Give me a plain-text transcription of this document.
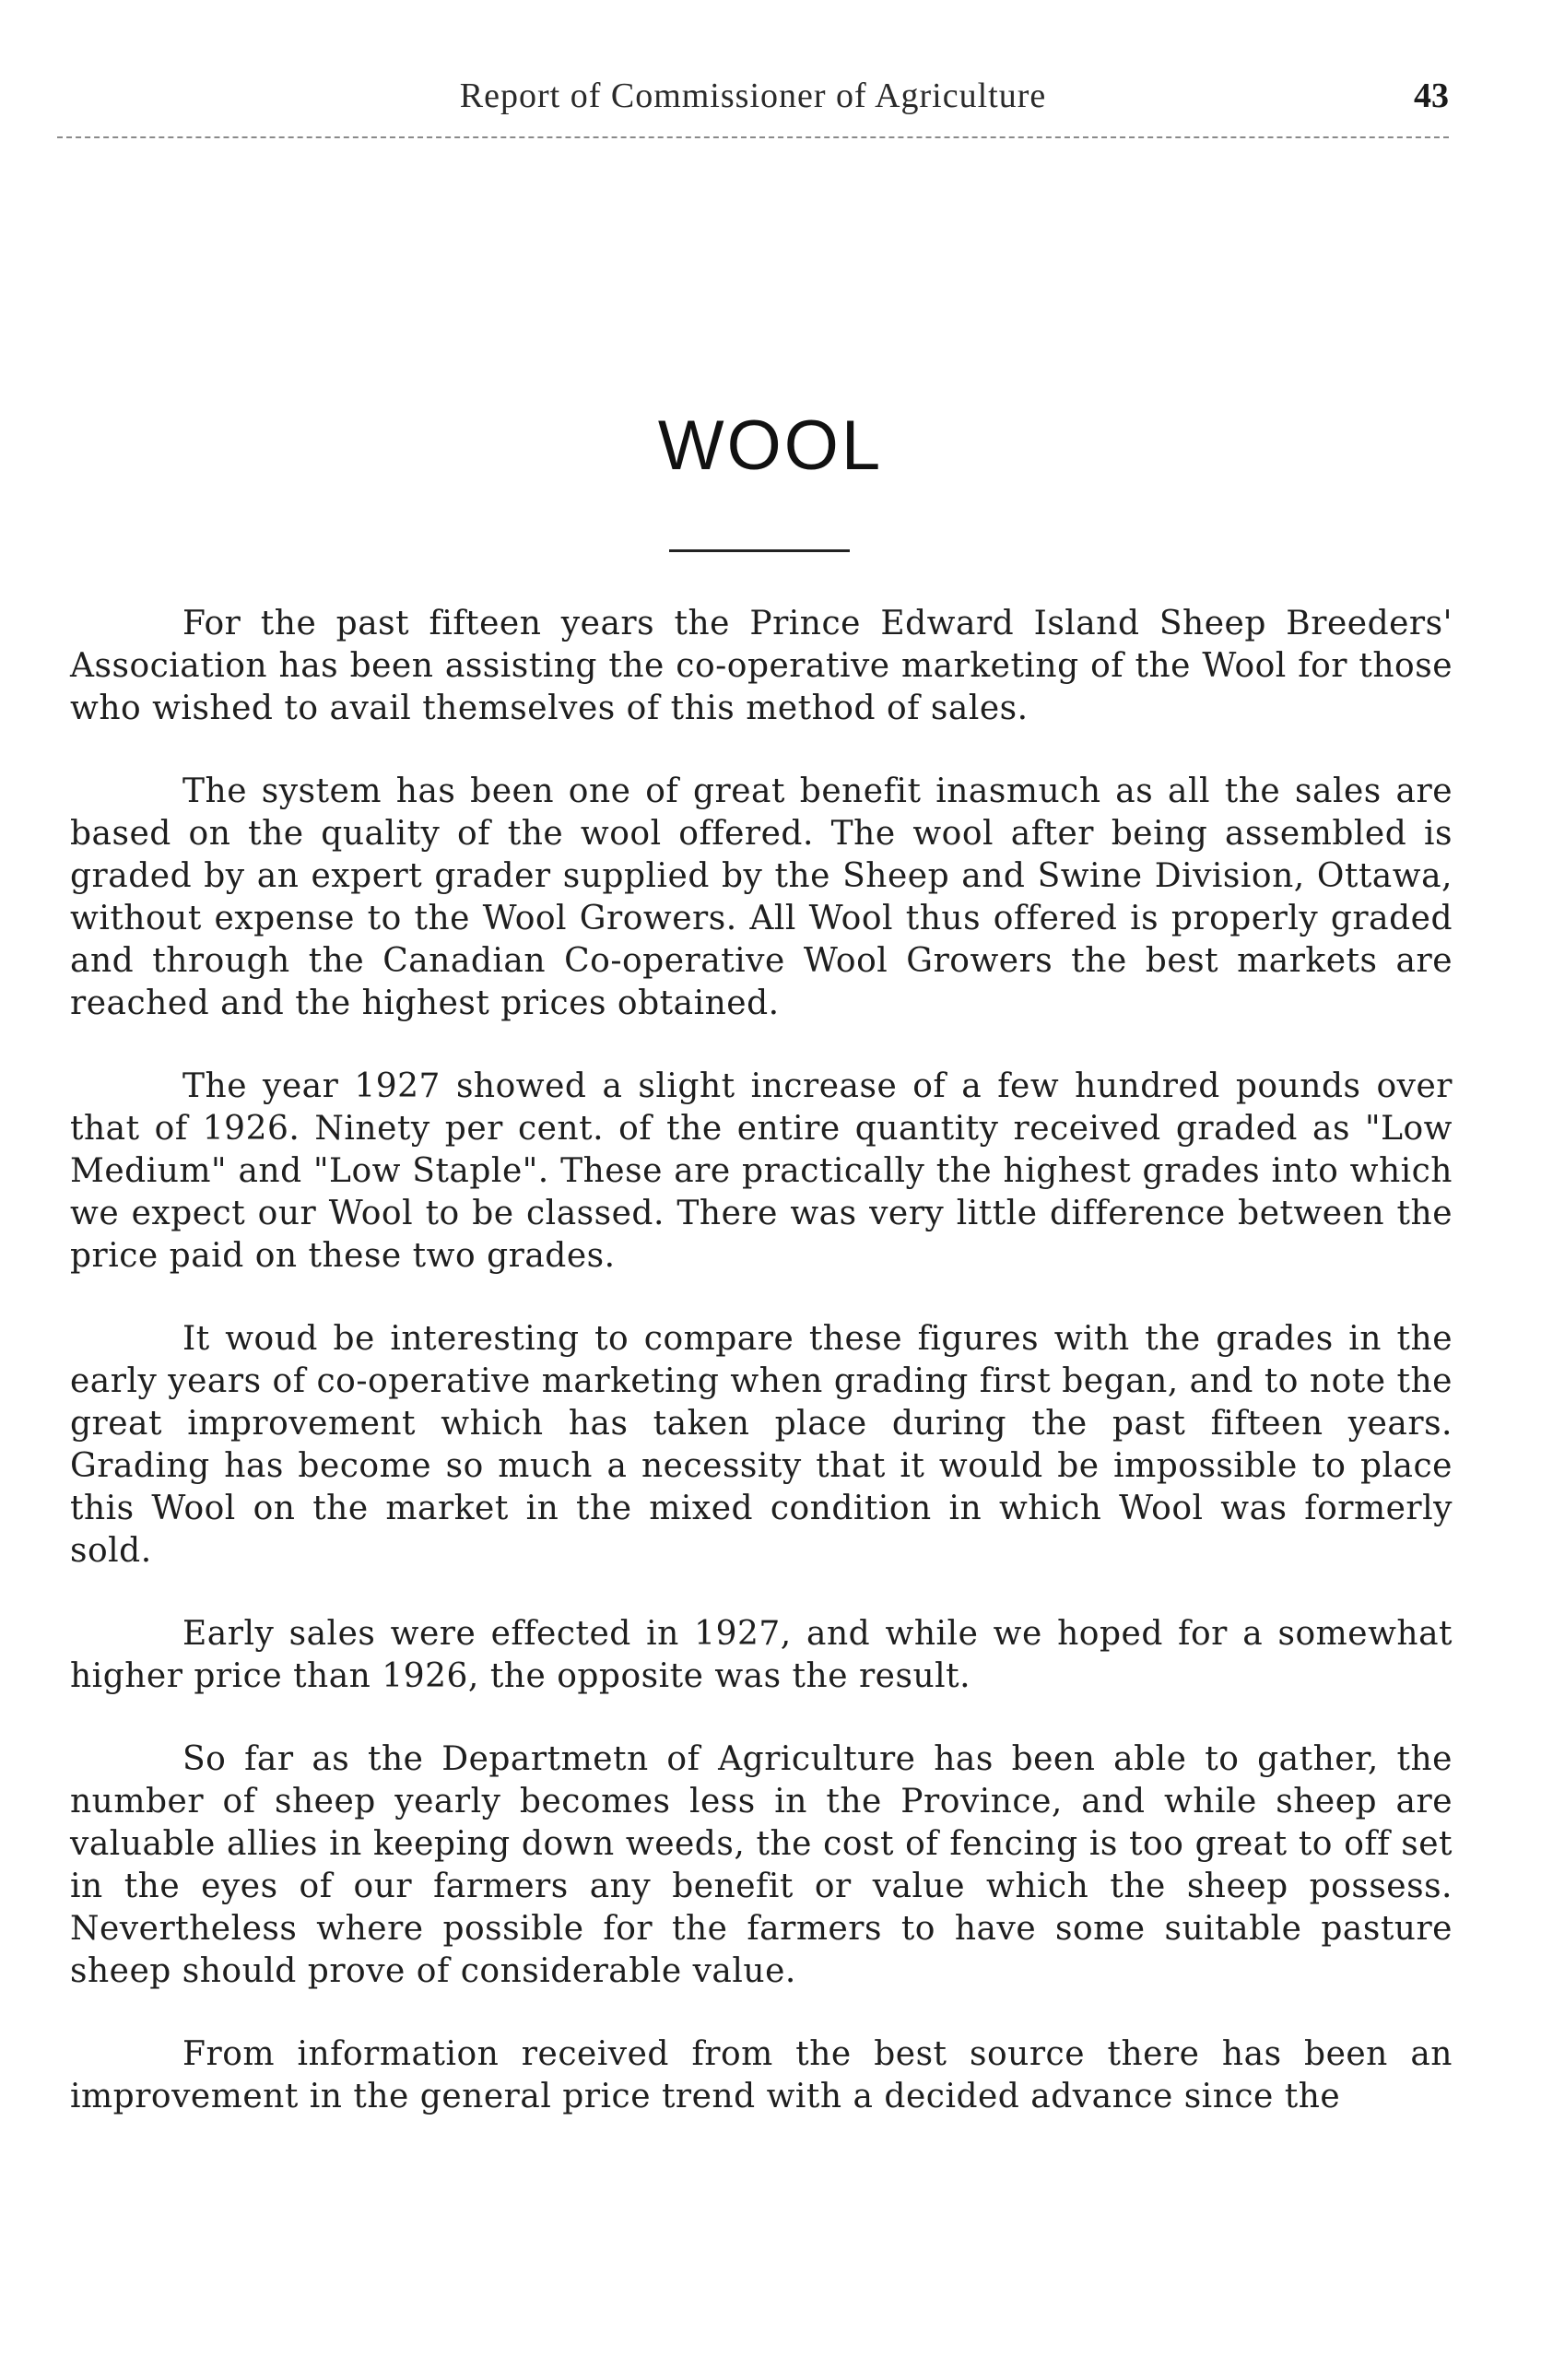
Report of Commissioner of Agriculture	43
WOOL

For the past fifteen years the Prince Edward Island Sheep Breeders' Association has been assisting the co-operative marketing of the Wool for those who wished to avail themselves of this method of sales.

The system has been one of great benefit inasmuch as all the sales are based on the quality of the wool offered. The wool after being assembled is graded by an expert grader supplied by the Sheep and Swine Division, Ottawa, without expense to the Wool Growers. All Wool thus offered is properly graded and through the Canadian Co-operative Wool Growers the best markets are reached and the highest prices obtained.

The year 1927 showed a slight increase of a few hundred pounds over that of 1926. Ninety per cent. of the entire quantity received graded as "Low Medium" and "Low Staple". These are practically the highest grades into which we expect our Wool to be classed. There was very little difference between the price paid on these two grades.

It woud be interesting to compare these figures with the grades in the early years of co-operative marketing when grading first began, and to note the great improvement which has taken place during the past fifteen years. Grading has become so much a necessity that it would be impossible to place this Wool on the market in the mixed condition in which Wool was formerly sold.

Early sales were effected in 1927, and while we hoped for a somewhat higher price than 1926, the opposite was the result.

So far as the Departmetn of Agriculture has been able to gather, the number of sheep yearly becomes less in the Province, and while sheep are valuable allies in keeping down weeds, the cost of fencing is too great to off set in the eyes of our farmers any benefit or value which the sheep possess. Nevertheless where possible for the farmers to have some suitable pasture sheep should prove of considerable value.

From information received from the best source there has been an improvement in the general price trend with a decided advance since the
